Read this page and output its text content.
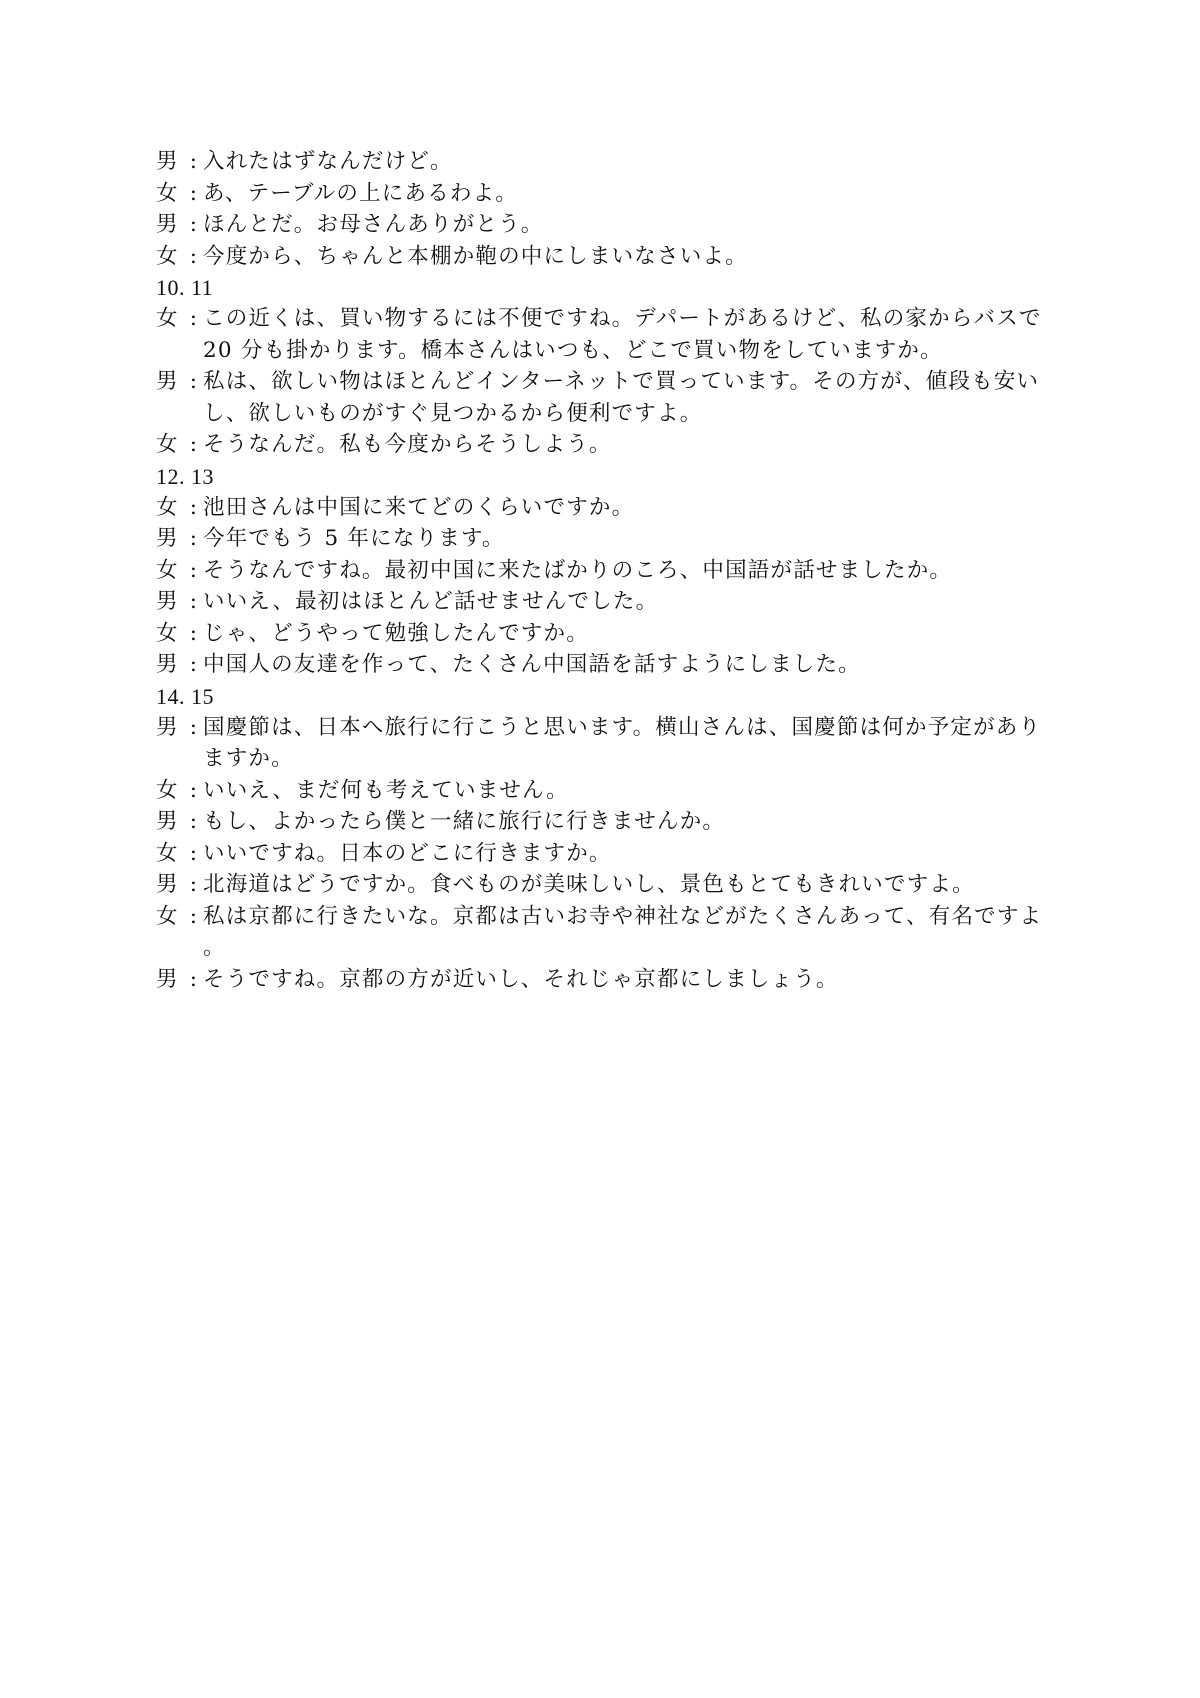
男 : 入れたはずなんだけど。
女 : あ、テーブルの上にあるわよ。
男 : ほんとだ。お母さんありがとう。
女 : 今度から、ちゃんと本棚か鞄の中にしまいなさいよ。
10. 11
女 : この近くは、買い物するには不便ですね。デパートがあるけど、私の家からバスで 20 分も掛かります。橋本さんはいつも、どこで買い物をしていますか。
男 : 私は、欲しい物はほとんどインターネットで買っています。その方が、値段も安いし、欲しいものがすぐ見つかるから便利ですよ。
女 : そうなんだ。私も今度からそうしよう。
12. 13
女 : 池田さんは中国に来てどのくらいですか。
男 : 今年でもう 5 年になります。
女 : そうなんですね。最初中国に来たばかりのころ、中国語が話せましたか。
男 : いいえ、最初はほとんど話せませんでした。
女 : じゃ、どうやって勉強したんですか。
男 : 中国人の友達を作って、たくさん中国語を話すようにしました。
14. 15
男 : 国慶節は、日本へ旅行に行こうと思います。横山さんは、国慶節は何か予定がありますか。
女 : いいえ、まだ何も考えていません。
男 : もし、よかったら僕と一緒に旅行に行きませんか。
女 : いいですね。日本のどこに行きますか。
男 : 北海道はどうですか。食べものが美味しいし、景色もとてもきれいですよ。
女 : 私は京都に行きたいな。京都は古いお寺や神社などがたくさんあって、有名ですよ。
男 : そうですね。京都の方が近いし、それじゃ京都にしましょう。
